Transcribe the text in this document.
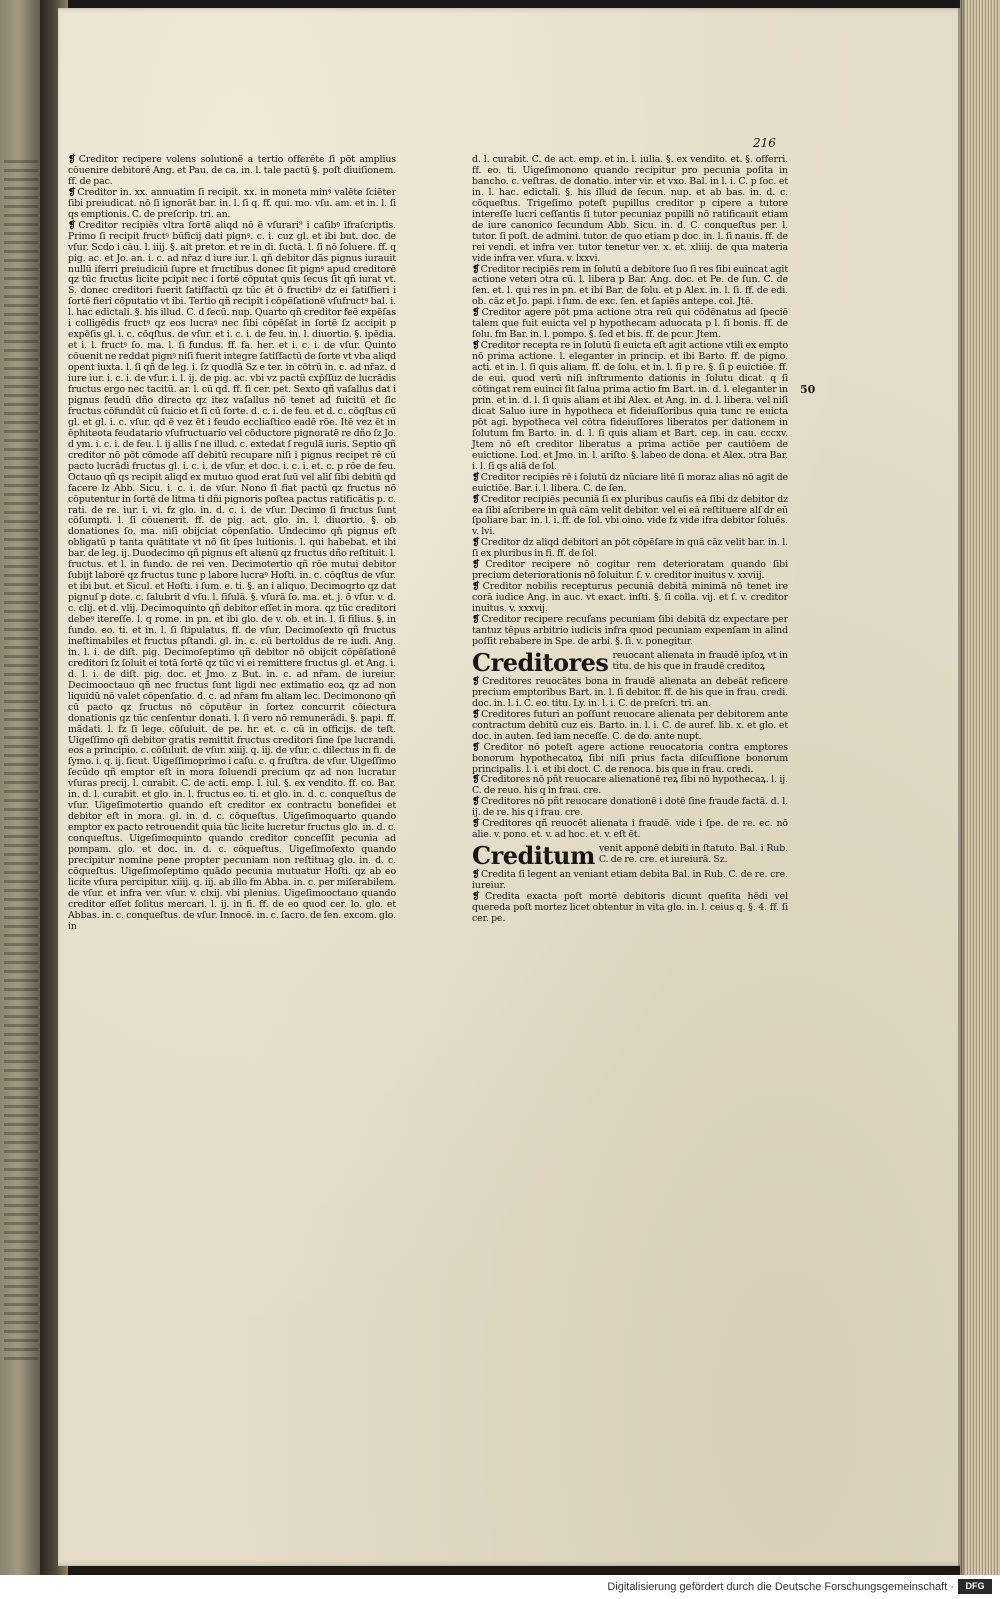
216

❡ Creditor recipere volens solutionē a tertio offerēte ſi pōt amplius cōuenire debitorē Ang. et Pau. de ca. in. l. tale pactū §. poſt diuiſionem. ff. de pac.

❡ Creditor in. xx. annuatim ſi recipit. xx. in moneta minꝰ valēte ſciēter ſibi preiudicat. nō ſi ignorāt bar. in. l. ſi q. ff. qui. mo. vſu. am. et in. l. ſi qs emptionis. C. de preſcrip. tri. an.

❡ Creditor recipiēs vltra ſortē aliqd nō ē vſurari⁹ i caſibꝰ īfraſcriptis. Primo ſi recipit fructꝰ būficij dati pignꝰ. c. i. cuz gl. et ibi but. doc. de vſur. Scdo i cāu. l. iiij. §. ait pretor. et re in di. ſuctā. l. ſi nō ſoluere. ff. q pig. ac. et Jo. an. i. c. ad nr̄az d iure iur. l. qñ debitor dās pignus iurauit nullū iferri preiudiciū ſupre et fructibus donec ſit pignꝰ apud creditorē qz tūc fructus licite pcipit nec i ſortē cōputat quis ſecus ſit qñ iurat vt. S. donec creditori fuerit ſatiſfactū qz tūc ēt ō fructibꝰ dz ei ſatiſfieri i ſortē fieri cōputatio vt ibi. Tertio qñ recipit i cōpēſationē vſufructꝰ bal. i. l. hac edictali. §. his illud. C. d ſecū. nup. Quarto qñ creditor feē expēſas i colligēdis fructꝰ qz eos lucraꝰ nec ſibi cōpēſat in ſortē ſz accipit p expēſis gl. i. c. cōqſtus. de vſur. et i. c. i. de feu. in. l. diuortio. §. ipēdia. et i. l. fructꝰ ſo. ma. l. ſi fundus. ff. fa. her. et i. c. i. de vſur. Quinto cōuenit ne reddat pignꝰ niſi fuerit integre ſatiſfactū de ſorte vt vba aliqd opent iuxta. l. ſi qñ de leg. i. ſz quodlā Sz e ter. in cōtrū in. c. ad nr̄az. d iure iur. i. c. i. de vſur. i. l. ij. de pig. ac. vbi vz pactū cxp̄ſſuz de lucrādis fructus ergo nec tacitū. ar. l. cū qd. ff. ſi cer. pet. Sexto qñ vaſallus dat i pignus feudū dño directo qz itez vaſallus nō tenet ad fuicitū et ſic fructus cōfundūt cū ſuicio et ſi cū ſorte. d. c. i. de feu. et d. c. cōqſtus cū gl. et gl. i. c. vſur. qd ē vez ēt i feudo eccliaſtico eadē rōe. Itē vez ēt in ēphiteota feudatario vſufructuario vel cōductore pignoratē re dño ſz Jo. d ym. i. c. i. de feu. l. ij allis ſ ne illud. c. extedat ſ regulā iuris. Septio qñ creditor nō pōt cōmode aſſ debitū recupare niſi i pignus recipet rē cū pacto lucrādi fructus gl. i. c. i. de vſur. et doc. i. c. i. et. c. p rōe de feu. Octauo qñ qs recipit aliqd ex mutuo quod erat ſuū vel aliſ ſibi debitū qd facere lz Abb. Sicu. i. c. i. de vſur. Nono ſi fiat pactū qz fructus nō cōputentur in ſortē de litma ti dñi pignoris poſtea pactus ratificātis p. c. rati. de re. iur. i. vi. fz glo. in. d. c. i. de vſur. Decimo ſi fructus ſunt cōſumpti. l. ſi cōuenerit. ff. de pig. act. glo. in. l. diuortio. §. ob donationes ſo. ma. niſi obijciat cōpenſatio. Undecimo qñ pignus eſt obligatū p tanta quātitate vt nō ſit ſpes luitionis. l. qui habebat. et ibi bar. de leg. ij. Duodecimo qñ pignus eſt alienū qz fructus dño reſtituit. l. fructus. et l. in fundo. de rei ven. Decimotertio qñ rōe mutui debitor ſubijt laborē qz fructus tunc p labore lucraꝰ Hoſti. in. c. cōqſtus de vſur. et ibi but. et Sicul. et Hoſti. i ſum. e. ti. §. an i aliquo. Decimoqrto qz dat pignuſ p dote. c. ſalubrit d vſu. l. ſiſulā. §. vſurā ſo. ma. et. j. ō vſur. v. d. c. clij. et d. vlij. Decimoquinto qñ debitor eſſet in mora. qz tūc creditori debeꝰ itereſſe. l. q rome. in pn. et ibi glo. de v. ob. et in. l. ſi filius. §. in fundo. eo. ti. et in. l. ſi ſtipulatus. ff. de vſur. Decimoſexto qñ fructus ineſtimabiles et fructus pſtandi. gl. in. c. cū bertoldus de re iudi. Ang. in. l. i. de diſt. pig. Decimoſeptimo qñ debitor nō obijcit cōpēſationē creditori ſz ſoluit ei totā ſortē qz tūc vi ei remittere fructus gl. et Ang. i. d. l. i. de diſt. pig. doc. et Jmo. z But. in. c. ad nr̄am. de iureiur. Decimooctauo qñ nec fructus ſunt ligdi nec extimatio eoꝝ qz ad non liquidū nō valet cōpenſatio. d. c. ad nr̄am fm aliam lec. Decimonono qñ cū pacto qz fructus nō cōputēur in ſortez concurrit cōiectura donationis qz tūc cenſentur donati. l. ſi vero nō remunerādi. §. papi. ff. mādati. l. fz ſi lege. cōſuluit. de pe. hr. et. c. cū in officijs. de teſt. Uigeſſimo qñ debitor gratis remittit fructus creditori ſine ſpe lucrandi. eos a principio. c. cōſuluit. de vſur. xiiij. q. iij. de vſur. c. dilectus in fi. de ſymo. i. q. ij. ſicut. Uigeſſimoprimo i caſu. c. q fruſtra. de vſur. Uigeſſimo ſecūdo qñ emptor eſt in mora ſoluendi precium qz ad non lucratur vſuras precij. l. curabit. C. de acti. emp. l. iul. §. ex vendito. ff. co. Bar. in. d. l. curabit. et glo. in. l. fructus eo. ti. et glo. in. d. c. conqueſtus de vſur. Uigeſimotertio quando eſt creditor ex contractu bonefidei et debitor eſt in mora. gl. in. d. c. cōqueſtus. Uigeſimoquarto quando emptor ex pacto retrouendit quia tūc licite lucretur fructus glo. in. d. c. conqueſtus. Uigeſimoquinto quando creditor conceſſit pecunia ad pompam. glo. et doc. in. d. c. cōqueſtus. Uigeſimoſexto quando precipitur nomine pene propter pecuniam non reſtituaꝫ glo. in. d. c. cōqueſtus. Uigeſimoſeptimo quādo pecunia mutuatur Hoſti. qz ab eo licite vſura percipitur. xiiij. q. iij. ab illo fm Abba. in. c. per miſerabilem. de vſur. et infra ver. vſur. v. clxij. vbi plenius. Uigeſimooctauo quando creditor eſſet ſolitus mercari. l. ij. in fi. ff. de eo quod cer. lo. glo. et Abbas. in. c. conqueſtus. de vſur. Innocē. in. c. ſacro. de ſen. excom. glo. in

d. l. curabit. C. de act. emp. et in. l. iulia. §. ex vendito. et. §. offerri. ff. eo. ti. Uigeſimonono quando recipitur pro pecunia poſita in bancho. c. veſtras. de donatio. inter vir. et vxo. Bal. in l. i. C. p ſoc. et in. l. hac. edictali. §. his illud de ſecun. nup. et ab bas. in. d. c. cōqueſtus. Trigeſimo poteſt pupillus creditor p cipere a tutore intereſſe lucri ceſſantis ſi tutor pecuniaz pupilli nō ratificauit etiam de iure canonico ſecundum Abb. Sicu. in. d. C. conqueſtus per. l. tutor. ſi poſt. de admini. tutor. de quo etiam p doc. in. l. ſi nauis. ff. de rei vendi. et infra ver. tutor tenetur ver. x. et. xliiij. de qua materia vide infra ver. vſura. v. lxxvi.

❡ Creditor recipiēs rem in ſolutū a debitore ſuo ſi res ſibi euincat agit actione veteri ɔtra cū. l. libera p Bar. Ang. doc. et Pe. de ſun. C. de ſen. et. l. qui res in pn. et ibi Bar. de ſolu. et p Alex. in. l. ſi. ff. de edi. ob. cāz et Jo. papi. i ſum. de exc. ſen. et ſapiēs antepe. col. Jtē.

❡ Creditor agere pōt pma actione ɔtra reū qui cōdēnatus ad ſpeciē talem que fuit euicta vel p hypothecam aduocata p l. ſi bonis. ff. de ſolu. fm Bar. in. l. pompo. §. ſed et bis. ff. de pcur. Jtem.

❡ Creditor recepta re in ſolutū ſi euicta eſt agit actione vtili ex empto nō prima actione. l. eleganter in princip. et ibi Barto. ff. de pigno. acti. et in. l. ſi quis aliam. ff. de ſolu. et in. l. ſi p re. §. ſi p euictiōe. ff. de eui. quod verū niſi inſtrumento dationis in ſolutu dicat. q ſi cōtingat rem euinci ſit ſalua prima actio fm Bart. in. d. l. eleganter in prin. et in. d. l. ſi quis aliam et ibi Alex. et Ang. in. d. l. libera. vel niſi dicat Saluo iure in hypotheca et fideiuſſoribus quia tunc re euicta pōt agi. hypotheca vel cōtra fideiuſſores liberatos per dationem in ſolutum fm Barto. in. d. l. ſi quis aliam et Bart. cep. in cau. cccxv. Jtem nō eſt creditor liberatus a prima actiōe per cautiōem de euictione. Lod. et Jmo. in. l. ariſto. §. labeo de dona. et Alex. ɔtra Bar. i. l. ſi qs aliā de ſol.

❡ Creditor recipiēs rē i ſolutū dz nūciare litē ſi moraz alias nō agit de euictiōe. Bar. i. l. libera. C. de ſen.

❡ Creditor recipiēs pecuniā ſi ex pluribus cauſis eā ſibi dz debitor dz ea ſibi aſcribere in quā cām velit debitor. vel ei eā reſtituere alſ dr eū ſpoliare bar. in. l. i. ff. de ſol. vbi oino. vide fz vide ifra debitor ſoluēs. v. lvi.

❡ Creditor dz aliqd debitori an pōt cōpēſare in quā cāz velit bar. in. l. ſi ex pluribus in fi. ff. de ſol.

❡ Creditor recipere nō cogitur rem deterioratam quando ſibi precium deteriorationis nō ſoluitur. ſ. v. creditor inuitus v. xxviij.

❡ Creditor nobilis recepturus pecuniā debitā minimā nō tenet ire corā iudice Ang. in auc. vt exact. inſti. §. ſi colla. vij. et ſ. v. creditor inuitus. v. xxxvij.

❡ Creditor recipere recuſans pecuniam ſibi debitā dz expectare per tantuz tēpus arbitrio iudicis infra quod pecuniam expenſam in alind poſſit rebabere in Spe. de arbi. §. ſi. v. ponegitur.

Creditores reuocant alienata in fraudē ipſoꝝ vt in titu. de his que in fraudē creditoꝝ

❡ Creditores reuocātes bona in fraudē alienata an debeāt reficere precium emptoribus Bart. in. l. ſi debitor. ff. de his que in frau. credi. doc. in. l. i. C. eo. titu. Ly. in. l. i. C. de preſcri. tri. an.

❡ Creditores futuri an poſſunt reuocare alienata per debitorem ante contractum debitū cuz eis. Barto. in. l. i. C. de auref. lib. x. et glo. et doc. in auten. ſed iam neceſſe. C. de do. ante nupt.

❡ Creditor nō poteſt agere actione reuocatoria contra emptores bonorum hypothecatoꝝ ſibi niſi prius facta diſcuſſione bonorum principalis. l. i. et ibi doct. C. de renoca. bis que in frau. credi.

❡ Creditores nō pñt reuocare alienationē reꝝ ſibi nō hypothecaꝝ. l. ij. C. de reuo. his q in frau. cre.

❡ Creditores nō pñt reuocare donationē i dotē ſine fraude factā. d. l. ij. de re. his q i frau. cre.

❡ Creditores qñ reuocēt alienata i fraudē. vide i ſpe. de re. ec. nō alie. v. pono. et. v. ad hoc. et. v. eſt ēt.

Creditum venit apponē debiti in ſtatuto. Bal. i Rub. C. de re. cre. et iureiurā. Sz.

❡ Credita ſi legent an veniant etiam debita Bal. in Rub. C. de re. cre. iureiur.

❡ Credita exacta poſt mortē debitoris dicunt queſita hēdi vel quereda poſt mortez licet obtentur in vita glo. in. l. ceius q. §. 4. ff. ſi cer. pe.

50
Digitalisierung gefördert durch die Deutsche Forschungsgemeinschaft ·	DFG
